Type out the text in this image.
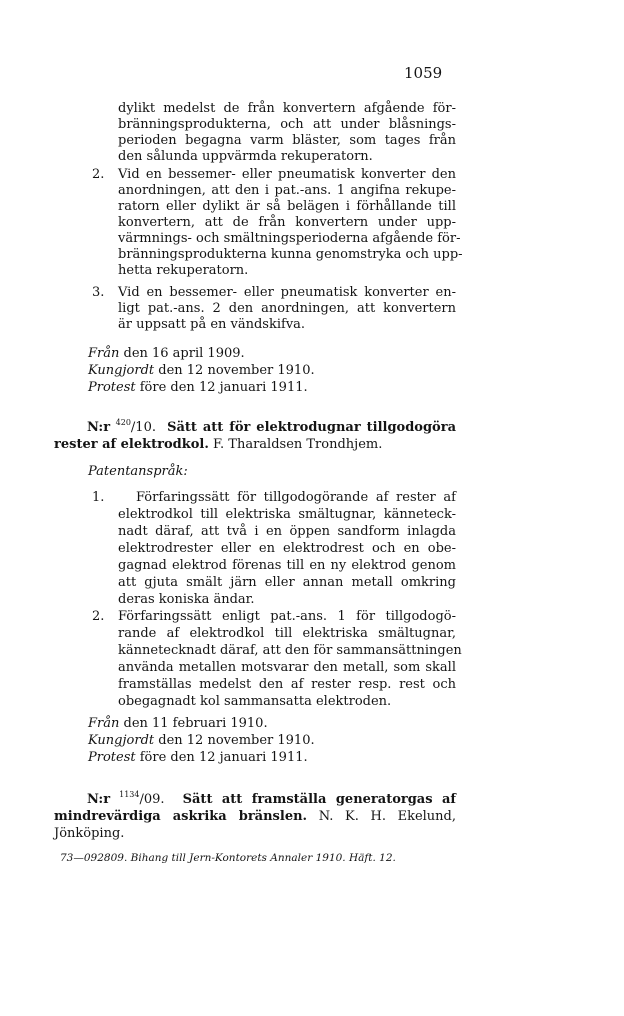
1059
dylikt medelst de från konvertern afgående för-
bränningsprodukterna, och att under blåsnings-
perioden begagna varm bläster, som tages från
den sålunda uppvärmda rekuperatorn.
2. Vid en bessemer- eller pneumatisk konverter den
anordningen, att den i pat.-ans. 1 angifna rekupe-
ratorn eller dylikt är så belägen i förhållande till
konvertern, att de från konvertern under upp-
värmnings- och smältningsperioderna afgående för-
bränningsprodukterna kunna genomstryka och upp-
hetta rekuperatorn.
3. Vid en bessemer- eller pneumatisk konverter en-
ligt pat.-ans. 2 den anordningen, att konvertern
är uppsatt på en vändskifva.
Från den 16 april 1909.
Kungjordt den 12 november 1910.
Protest före den 12 januari 1911.
N:r $^{420}$/10. Sätt att för elektrodugnar tillgodogöra
rester af elektrodkol. F. Tharaldsen Trondhjem.
Patentanspråk:
1. Förfaringssätt för tillgodogörande af rester af
elektrodkol till elektriska smältugnar, känneteck-
nadt däraf, att två i en öppen sandform inlagda
elektrodrester eller en elektrodrest och en obe-
gagnad elektrod förenas till en ny elektrod genom
att gjuta smält järn eller annan metall omkring
deras koniska ändar.
2. Förfaringssätt enligt pat.-ans. 1 för tillgodogö-
rande af elektrodkol till elektriska smältugnar,
kännetecknadt däraf, att den för sammansättningen
använda metallen motsvarar den metall, som skall
framställas medelst den af rester resp. rest och
obegagnadt kol sammansatta elektroden.
Från den 11 februari 1910.
Kungjordt den 12 november 1910.
Protest före den 12 januari 1911.
N:r $^{1134}$/09. Sätt att framställa generatorgas af
mindrevärdiga askrika bränslen. N. K. H. Ekelund,
Jönköping.
73—092809. Bihang till Jern-Kontorets Annaler 1910. Häft. 12.
